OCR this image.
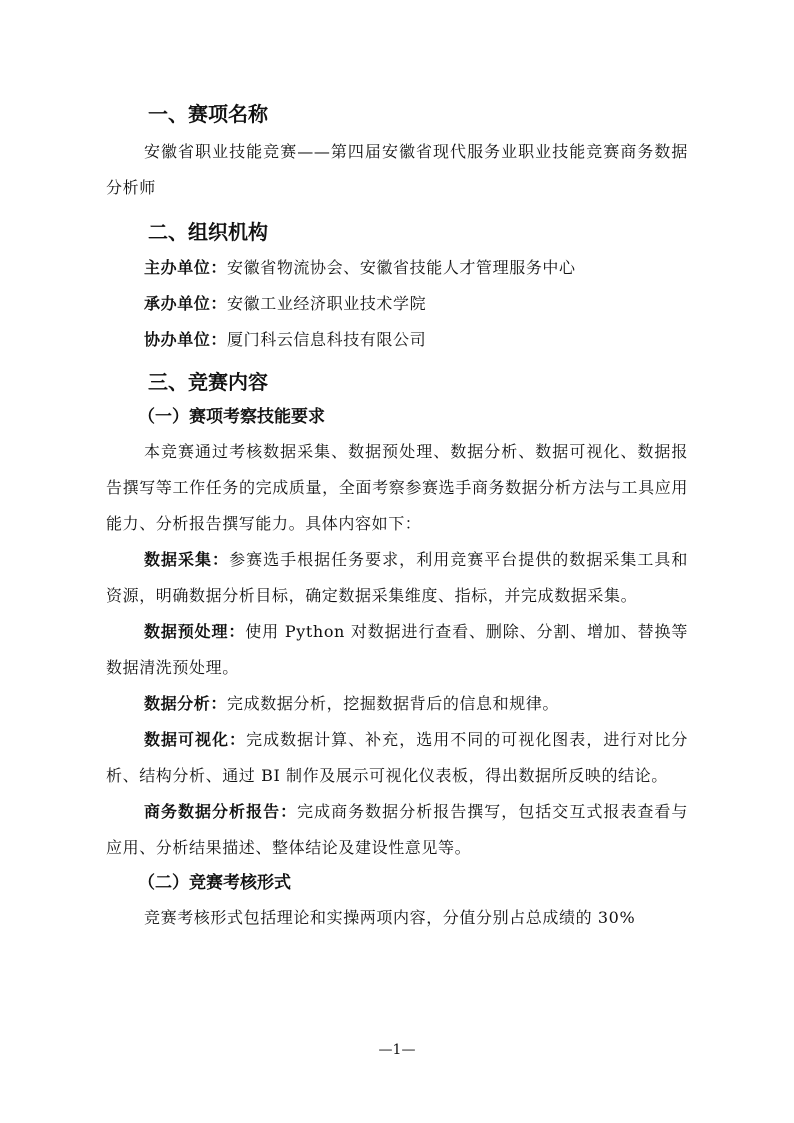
一、赛项名称

安徽省职业技能竞赛——第四届安徽省现代服务业职业技能竞赛商务数据分析师

二、组织机构

主办单位：安徽省物流协会、安徽省技能人才管理服务中心

承办单位：安徽工业经济职业技术学院

协办单位：厦门科云信息科技有限公司

三、竞赛内容
（一）赛项考察技能要求

本竞赛通过考核数据采集、数据预处理、数据分析、数据可视化、数据报告撰写等工作任务的完成质量，全面考察参赛选手商务数据分析方法与工具应用能力、分析报告撰写能力。具体内容如下：

数据采集：参赛选手根据任务要求，利用竞赛平台提供的数据采集工具和资源，明确数据分析目标，确定数据采集维度、指标，并完成数据采集。

数据预处理：使用 Python 对数据进行查看、删除、分割、增加、替换等数据清洗预处理。

数据分析：完成数据分析，挖掘数据背后的信息和规律。

数据可视化：完成数据计算、补充，选用不同的可视化图表，进行对比分析、结构分析、通过 BI 制作及展示可视化仪表板，得出数据所反映的结论。

商务数据分析报告：完成商务数据分析报告撰写，包括交互式报表查看与应用、分析结果描述、整体结论及建设性意见等。

（二）竞赛考核形式

竞赛考核形式包括理论和实操两项内容，分值分别占总成绩的 30%

—1—
